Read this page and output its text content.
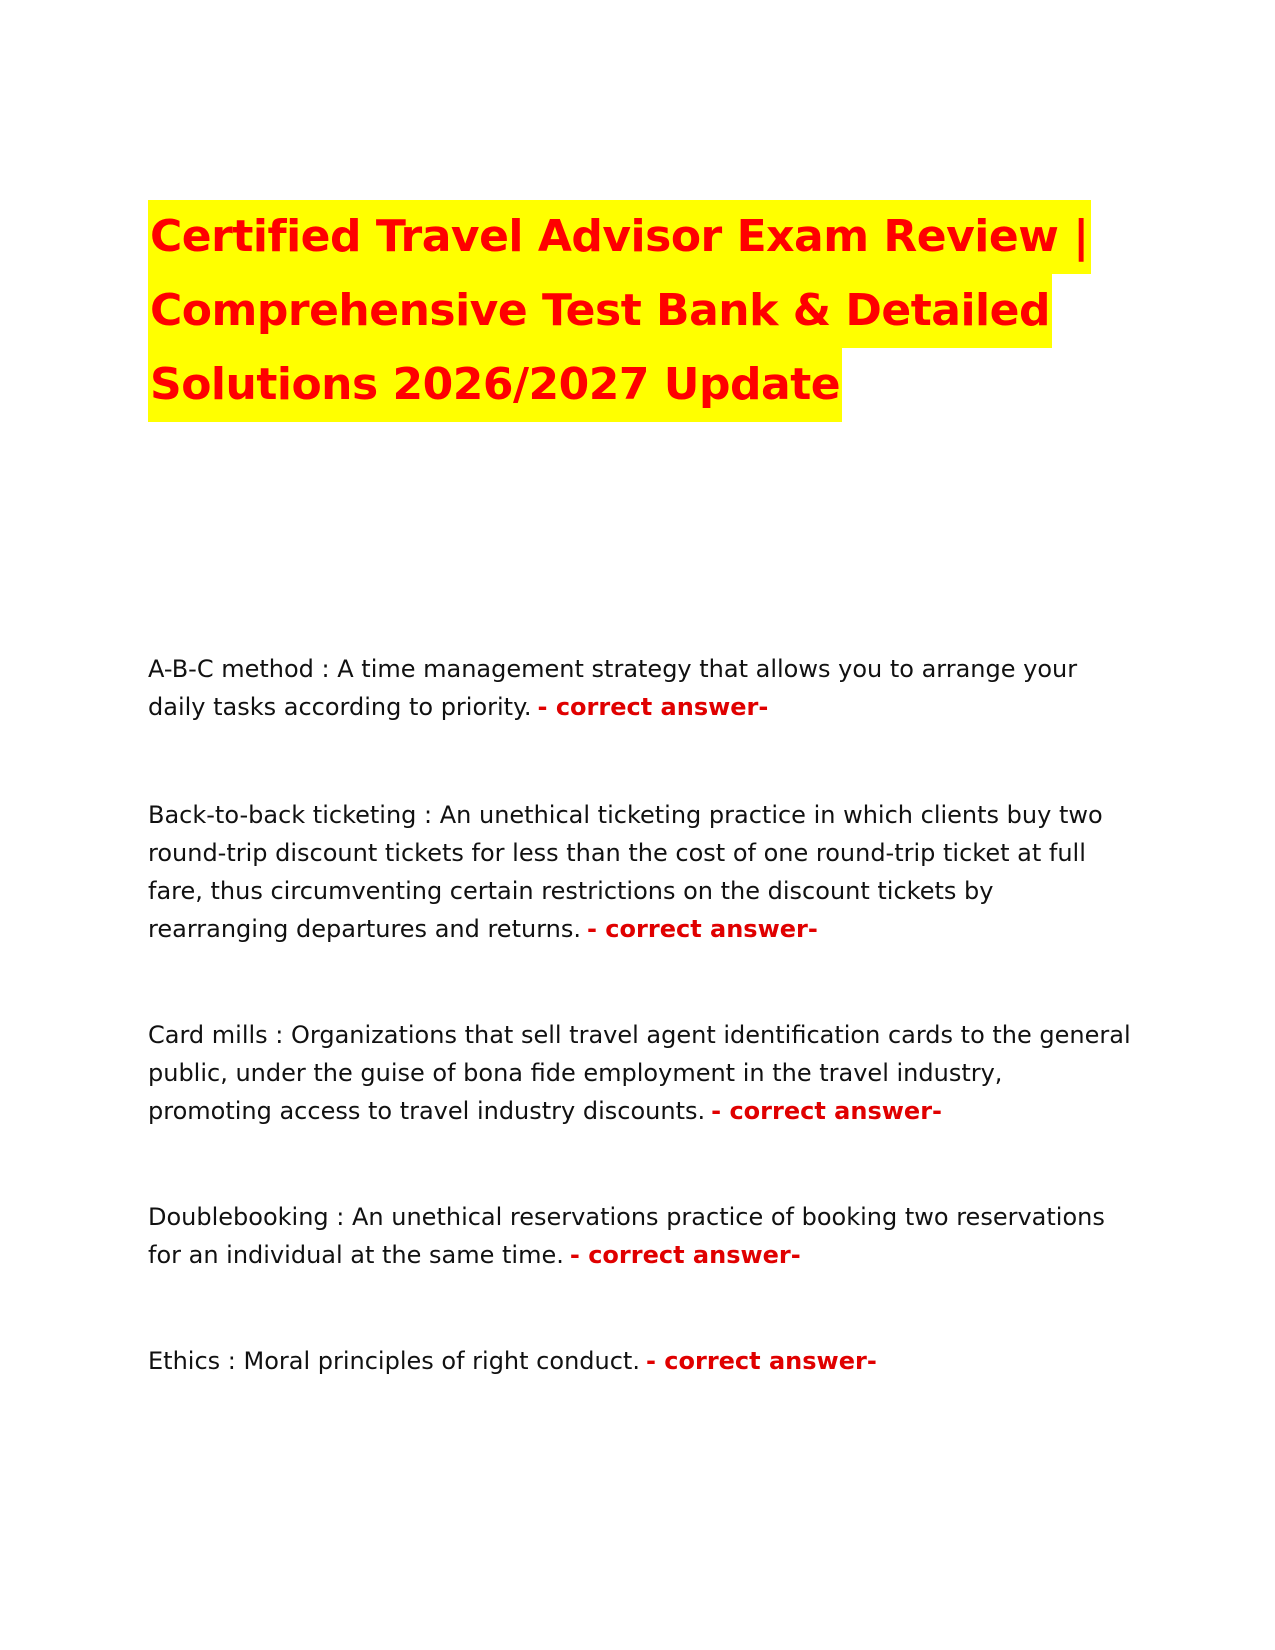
Certified Travel Advisor Exam Review |
Comprehensive Test Bank & Detailed
Solutions 2026/2027 Update
A-B-C method : A time management strategy that allows you to arrange your daily tasks according to priority. - correct answer-
Back-to-back ticketing : An unethical ticketing practice in which clients buy two round-trip discount tickets for less than the cost of one round-trip ticket at full fare, thus circumventing certain restrictions on the discount tickets by rearranging departures and returns. - correct answer-
Card mills : Organizations that sell travel agent identification cards to the general public, under the guise of bona fide employment in the travel industry, promoting access to travel industry discounts. - correct answer-
Doublebooking : An unethical reservations practice of booking two reservations for an individual at the same time. - correct answer-
Ethics : Moral principles of right conduct. - correct answer-
